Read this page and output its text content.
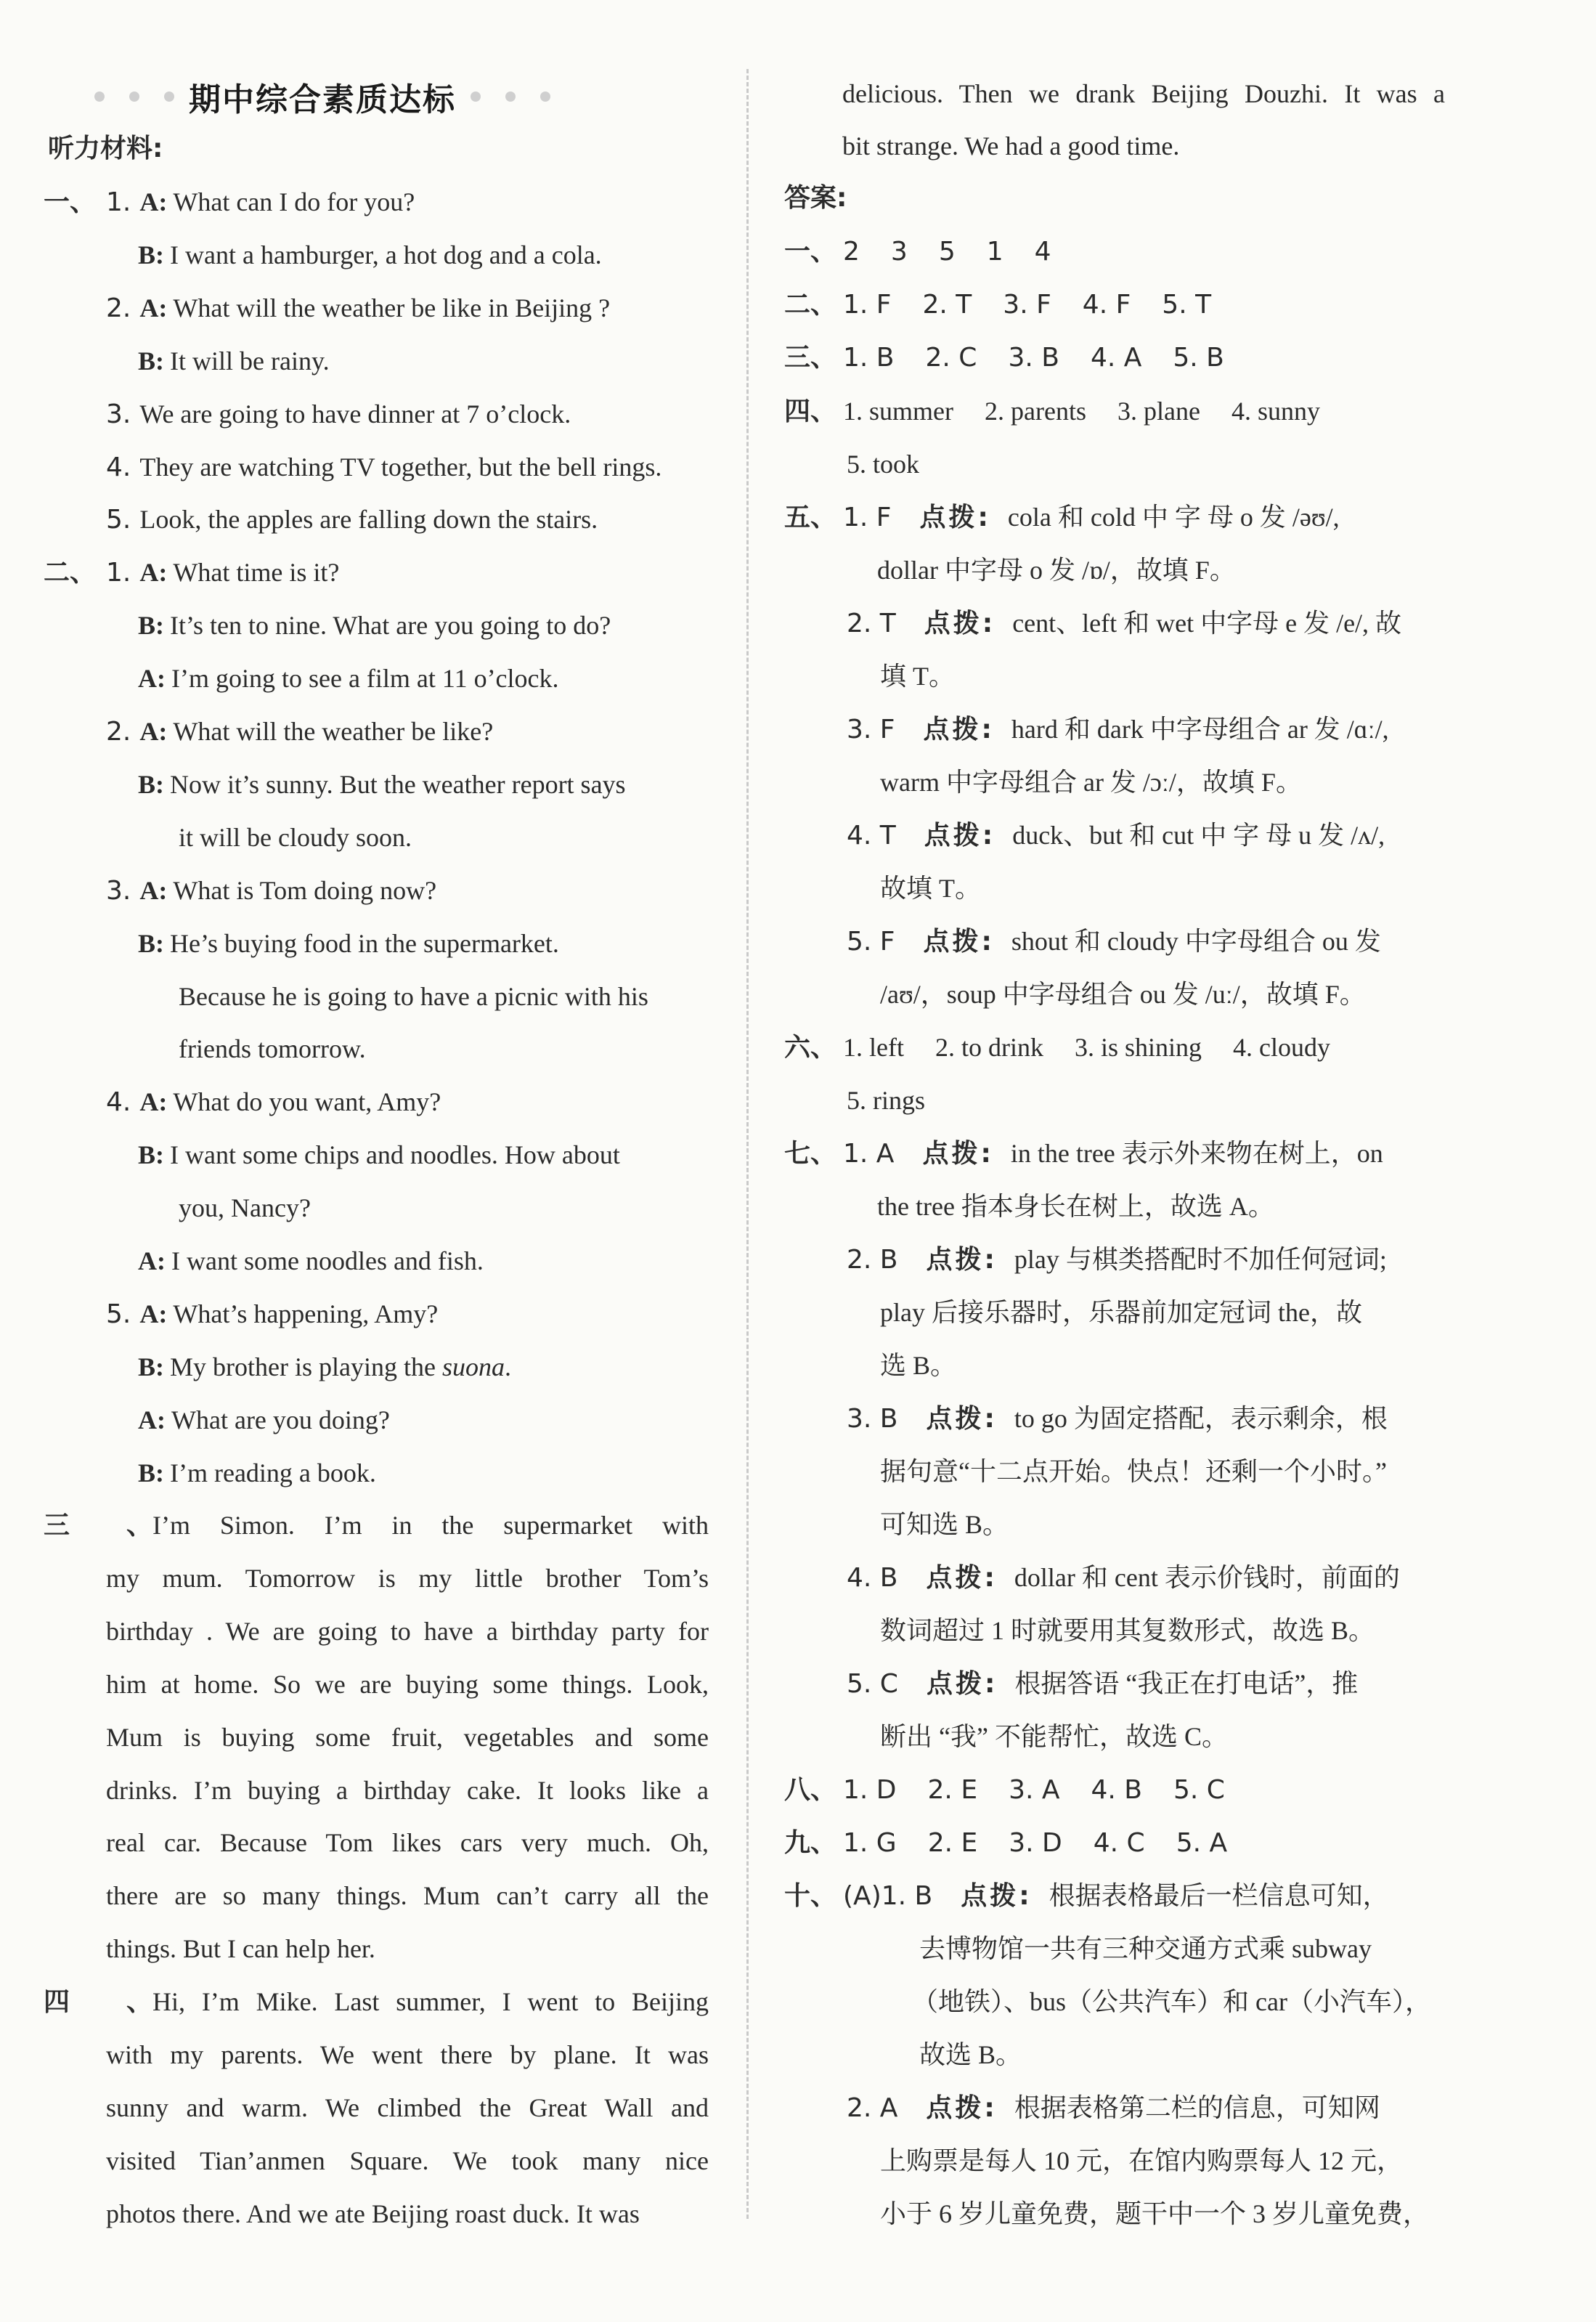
期中综合素质达标
听力材料:
一、 1. A: What can I do for you?
B: I want a hamburger, a hot dog and a cola.
2. A: What will the weather be like in Beijing ?
B: It will be rainy.
3. We are going to have dinner at 7 o’clock.
4. They are watching TV together, but the bell rings.
5. Look, the apples are falling down the stairs.
二、 1. A: What time is it?
B: It’s ten to nine. What are you going to do?
A: I’m going to see a film at 11 o’clock.
2. A: What will the weather be like?
B: Now it’s sunny. But the weather report says
it will be cloudy soon.
3. A: What is Tom doing now?
B: He’s buying food in the supermarket.
Because he is going to have a picnic with his
friends tomorrow.
4. A: What do you want, Amy?
B: I want some chips and noodles. How about
you, Nancy?
A: I want some noodles and fish.
5. A: What’s happening, Amy?
B: My brother is playing the suona.
A: What are you doing?
B: I’m reading a book.
三、I’m Simon. I’m in the supermarket with
my mum. Tomorrow is my little brother Tom’s
birthday . We are going to have a birthday party for
him at home. So we are buying some things. Look,
Mum is buying some fruit, vegetables and some
drinks. I’m buying a birthday cake. It looks like a
real car. Because Tom likes cars very much. Oh,
there are so many things. Mum can’t carry all the
things. But I can help her.
四、Hi, I’m Mike. Last summer, I went to Beijing
with my parents. We went there by plane. It was
sunny and warm. We climbed the Great Wall and
visited Tian’anmen Square. We took many nice
photos there. And we ate Beijing roast duck. It was
delicious. Then we drank Beijing Douzhi. It was a
bit strange. We had a good time.
答案:
一、 2 3 5 1 4
二、 1. F 2. T 3. F 4. F 5. T
三、 1. B 2. C 3. B 4. A 5. B
四、 1. summer 2. parents 3. plane 4. sunny
5. took
五、 1. F 点拨: cola 和 cold 中 字 母 o 发 /əʊ/,
dollar 中字母 o 发 /ɒ/，故填 F。
2. T 点拨: cent、left 和 wet 中字母 e 发 /e/, 故
填 T。
3. F 点拨: hard 和 dark 中字母组合 ar 发 /ɑː/,
warm 中字母组合 ar 发 /ɔː/，故填 F。
4. T 点拨: duck、but 和 cut 中 字 母 u 发 /ʌ/,
故填 T。
5. F 点拨: shout 和 cloudy 中字母组合 ou 发
/aʊ/，soup 中字母组合 ou 发 /uː/，故填 F。
六、 1. left 2. to drink 3. is shining 4. cloudy
5. rings
七、 1. A 点拨: in the tree 表示外来物在树上，on
the tree 指本身长在树上，故选 A。
2. B 点拨: play 与棋类搭配时不加任何冠词;
play 后接乐器时，乐器前加定冠词 the，故
选 B。
3. B 点拨: to go 为固定搭配，表示剩余，根
据句意“十二点开始。快点！还剩一个小时。”
可知选 B。
4. B 点拨: dollar 和 cent 表示价钱时，前面的
数词超过 1 时就要用其复数形式，故选 B。
5. C 点拨: 根据答语 “我正在打电话”，推
断出 “我” 不能帮忙，故选 C。
八、 1. D 2. E 3. A 4. B 5. C
九、 1. G 2. E 3. D 4. C 5. A
十、 (A)1. B 点拨: 根据表格最后一栏信息可知，
去博物馆一共有三种交通方式乘 subway
（地铁）、bus（公共汽车）和 car（小汽车），
故选 B。
2. A 点拨: 根据表格第二栏的信息，可知网
上购票是每人 10 元，在馆内购票每人 12 元，
小于 6 岁儿童免费，题干中一个 3 岁儿童免费，
